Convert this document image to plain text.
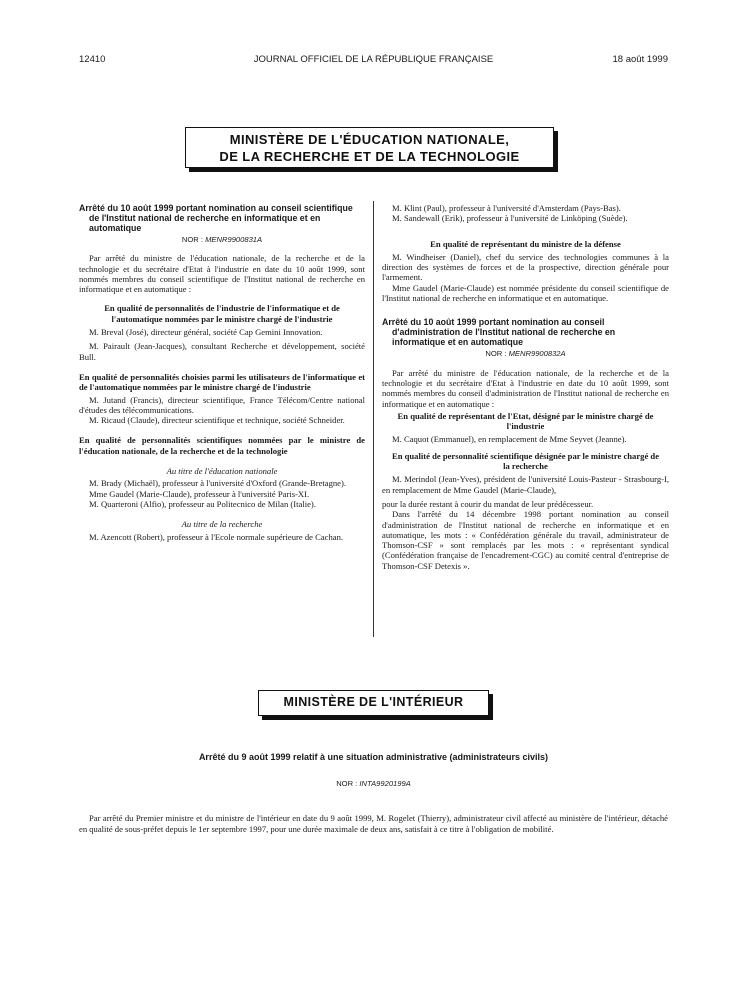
12410	JOURNAL OFFICIEL DE LA RÉPUBLIQUE FRANÇAISE	18 août 1999
MINISTÈRE DE L'ÉDUCATION NATIONALE,
DE LA RECHERCHE ET DE LA TECHNOLOGIE
Arrêté du 10 août 1999 portant nomination au conseil scientifique de l'Institut national de recherche en informatique et en automatique
NOR : MENR9900831A
Par arrêté du ministre de l'éducation nationale, de la recherche et de la technologie et du secrétaire d'Etat à l'industrie en date du 10 août 1999, sont nommés membres du conseil scientifique de l'Institut national de recherche en informatique et en automatique :
En qualité de personnalités de l'industrie de l'informatique et de l'automatique nommées par le ministre chargé de l'industrie
M. Breval (José), directeur général, société Cap Gemini Innovation.
M. Pairault (Jean-Jacques), consultant Recherche et développement, société Bull.
En qualité de personnalités choisies parmi les utilisateurs de l'informatique et de l'automatique nommées par le ministre chargé de l'industrie
M. Jutand (Francis), directeur scientifique, France Télécom/Centre national d'études des télécommunications.
M. Ricaud (Claude), directeur scientifique et technique, société Schneider.
En qualité de personnalités scientifiques nommées par le ministre de l'éducation nationale, de la recherche et de la technologie
Au titre de l'éducation nationale
M. Brady (Michaël), professeur à l'université d'Oxford (Grande-Bretagne).
Mme Gaudel (Marie-Claude), professeur à l'université Paris-XI.
M. Quarteroni (Alfio), professeur au Politecnico de Milan (Italie).
Au titre de la recherche
M. Azencott (Robert), professeur à l'Ecole normale supérieure de Cachan.
M. Klint (Paul), professeur à l'université d'Amsterdam (Pays-Bas).
M. Sandewall (Erik), professeur à l'université de Linköping (Suède).
En qualité de représentant du ministre de la défense
M. Windheiser (Daniel), chef du service des technologies communes à la direction des systèmes de forces et de la prospective, direction générale pour l'armement.
Mme Gaudel (Marie-Claude) est nommée présidente du conseil scientifique de l'Institut national de recherche en informatique et en automatique.
Arrêté du 10 août 1999 portant nomination au conseil d'administration de l'Institut national de recherche en informatique et en automatique
NOR : MENR9900832A
Par arrêté du ministre de l'éducation nationale, de la recherche et de la technologie et du secrétaire d'Etat à l'industrie en date du 10 août 1999, sont nommés membres du conseil d'administration de l'Institut national de recherche en informatique et en automatique :
En qualité de représentant de l'Etat, désigné par le ministre chargé de l'industrie
M. Caquot (Emmanuel), en remplacement de Mme Seyvet (Jeanne).
En qualité de personnalité scientifique désignée par le ministre chargé de la recherche
M. Merindol (Jean-Yves), président de l'université Louis-Pasteur - Strasbourg-I, en remplacement de Mme Gaudel (Marie-Claude),
pour la durée restant à courir du mandat de leur prédécesseur.
Dans l'arrêté du 14 décembre 1998 portant nomination au conseil d'administration de l'Institut national de recherche en informatique et en automatique, les mots : « Confédération générale du travail, administrateur de Thomson-CSF » sont remplacés par les mots : « représentant syndical (Confédération française de l'encadrement-CGC) au comité central d'entreprise de Thomson-CSF Detexis ».
MINISTÈRE DE L'INTÉRIEUR
Arrêté du 9 août 1999 relatif à une situation administrative (administrateurs civils)
NOR : INTA9920199A
Par arrêté du Premier ministre et du ministre de l'intérieur en date du 9 août 1999, M. Rogelet (Thierry), administrateur civil affecté au ministère de l'intérieur, détaché en qualité de sous-préfet depuis le 1er septembre 1997, pour une durée maximale de deux ans, satisfait à ce titre à l'obligation de mobilité.
